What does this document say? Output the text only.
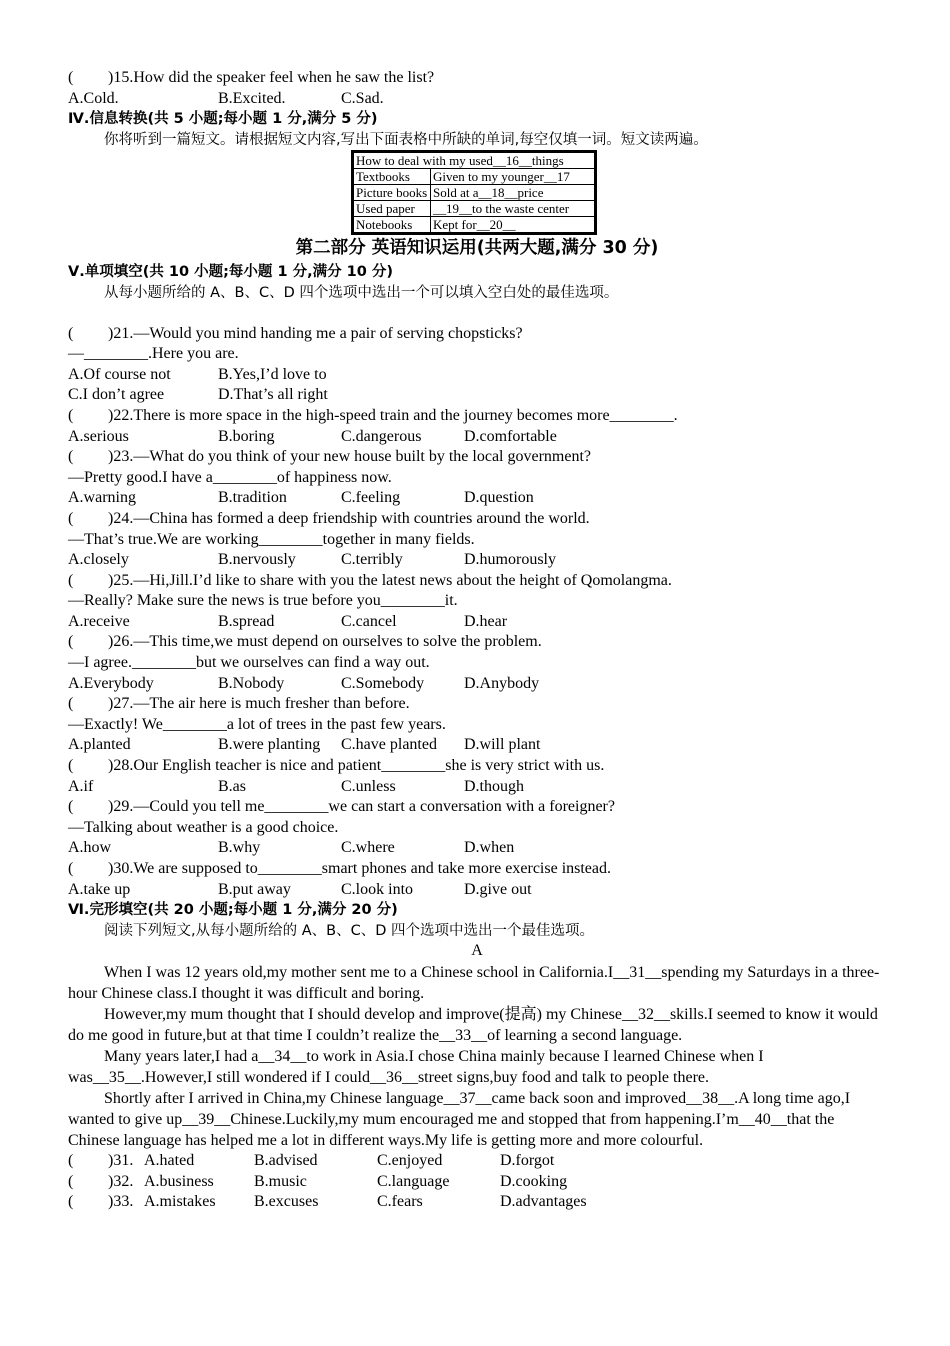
(	)15.How did the speaker feel when he saw the list?
A.Cold.	B.Excited.	C.Sad.
Ⅳ.信息转换(共 5 小题;每小题 1 分,满分 5 分)
你将听到一篇短文。请根据短文内容,写出下面表格中所缺的单词,每空仅填一词。短文读两遍。
How to deal with my used__16__things	
Textbooks	Given to my younger__17
Picture books	Sold at a__18__price
Used paper	__19__to the waste center
Notebooks	Kept for__20__
第二部分 英语知识运用(共两大题,满分 30 分)
Ⅴ.单项填空(共 10 小题;每小题 1 分,满分 10 分)
从每小题所给的 A、B、C、D 四个选项中选出一个可以填入空白处的最佳选项。
(	)21. —Would you mind handing me a pair of serving chopsticks?
—________.Here you are.
A.Of course not	B.Yes,I’d love to
C.I don’t agree	D.That’s all right
(	)22. There is more space in the high-speed train and the journey becomes more________.
A.serious	B.boring	C.dangerous	D.comfortable
(	)23. —What do you think of your new house built by the local government?
—Pretty good.I have a________of happiness now.
A.warning	B.tradition	C.feeling	D.question
(	)24. —China has formed a deep friendship with countries around the world.
—That’s true.We are working________together in many fields.
A.closely	B.nervously	C.terribly	D.humorously
(	)25. —Hi,Jill.I’d like to share with you the latest news about the height of Qomolangma.
—Really? Make sure the news is true before you________it.
A.receive	B.spread	C.cancel	D.hear
(	)26. —This time,we must depend on ourselves to solve the problem.
—I agree.________but we ourselves can find a way out.
A.Everybody	B.Nobody	C.Somebody	D.Anybody
(	)27. —The air here is much fresher than before.
—Exactly! We________a lot of trees in the past few years.
A.planted	B.were planting	C.have planted	D.will plant
(	)28. Our English teacher is nice and patient________she is very strict with us.
A.if	B.as	C.unless	D.though
(	)29. —Could you tell me________we can start a conversation with a foreigner?
—Talking about weather is a good choice.
A.how	B.why	C.where	D.when
(	)30. We are supposed to________smart phones and take more exercise instead.
A.take up	B.put away	C.look into	D.give out
Ⅵ.完形填空(共 20 小题;每小题 1 分,满分 20 分)
阅读下列短文,从每小题所给的 A、B、C、D 四个选项中选出一个最佳选项。
A
When I was 12 years old,my mother sent me to a Chinese school in California.I__31__spending my Saturdays in a three-hour Chinese class.I thought it was difficult and boring.
However,my mum thought that I should develop and improve(提高) my Chinese__32__skills.I seemed to know it would do me good in future,but at that time I couldn’t realize the__33__of learning a second language.
Many years later,I had a__34__to work in Asia.I chose China mainly because I learned Chinese when I was__35__.However,I still wondered if I could__36__street signs,buy food and talk to people there.
Shortly after I arrived in China,my Chinese language__37__came back soon and improved__38__.A long time ago,I wanted to give up__39__Chinese.Luckily,my mum encouraged me and stopped that from happening.I’m__40__that the Chinese language has helped me a lot in different ways.My life is getting more and more colourful.
(	)31. A.hated	B.advised	C.enjoyed	D.forgot
(	)32. A.business	B.music	C.language	D.cooking
(	)33. A.mistakes	B.excuses	C.fears	D.advantages
